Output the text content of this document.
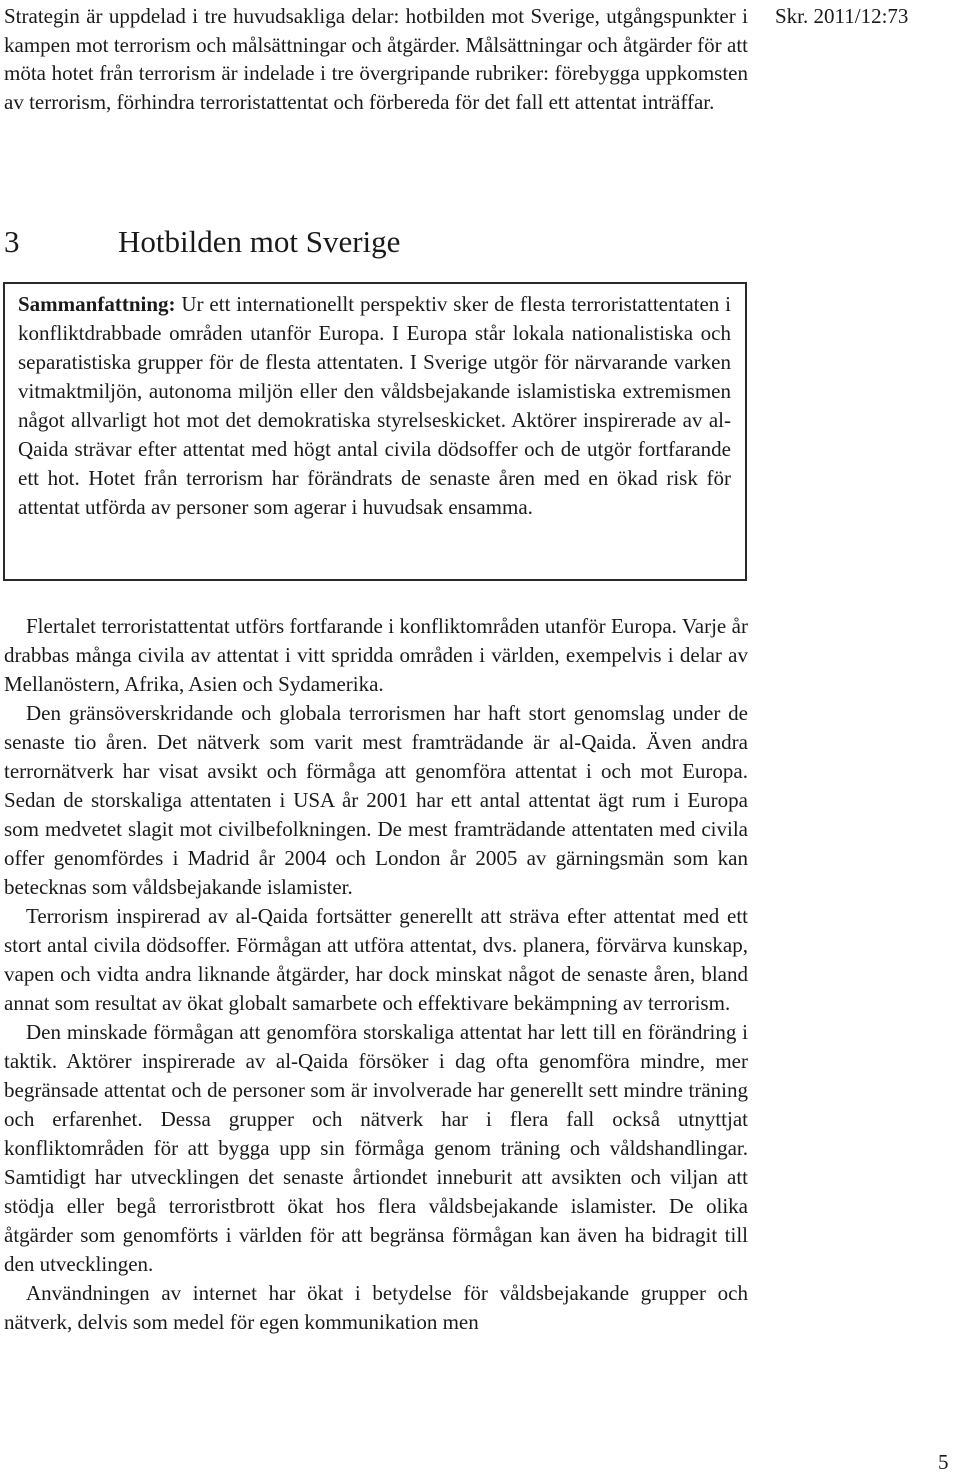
Strategin är uppdelad i tre huvudsakliga delar: hotbilden mot Sverige, utgångspunkter i kampen mot terrorism och målsättningar och åtgärder. Målsättningar och åtgärder för att möta hotet från terrorism är indelade i tre övergripande rubriker: förebygga uppkomsten av terrorism, förhindra terroristattentat och förbereda för det fall ett attentat inträffar.

Skr. 2011/12:73
3	Hotbilden mot Sverige

Sammanfattning: Ur ett internationellt perspektiv sker de flesta terroristattentaten i konfliktdrabbade områden utanför Europa. I Europa står lokala nationalistiska och separatistiska grupper för de flesta attentaten. I Sverige utgör för närvarande varken vitmaktmiljön, autonoma miljön eller den våldsbejakande islamistiska extremismen något allvarligt hot mot det demokratiska styrelseskicket. Aktörer inspirerade av al-Qaida strävar efter attentat med högt antal civila dödsoffer och de utgör fortfarande ett hot. Hotet från terrorism har förändrats de senaste åren med en ökad risk för attentat utförda av personer som agerar i huvudsak ensamma.

Flertalet terroristattentat utförs fortfarande i konfliktområden utanför Europa. Varje år drabbas många civila av attentat i vitt spridda områden i världen, exempelvis i delar av Mellanöstern, Afrika, Asien och Sydamerika.

Den gränsöverskridande och globala terrorismen har haft stort genomslag under de senaste tio åren. Det nätverk som varit mest framträdande är al-Qaida. Även andra terrornätverk har visat avsikt och förmåga att genomföra attentat i och mot Europa. Sedan de storskaliga attentaten i USA år 2001 har ett antal attentat ägt rum i Europa som medvetet slagit mot civilbefolkningen. De mest framträdande attentaten med civila offer genomfördes i Madrid år 2004 och London år 2005 av gärningsmän som kan betecknas som våldsbejakande islamister.

Terrorism inspirerad av al-Qaida fortsätter generellt att sträva efter attentat med ett stort antal civila dödsoffer. Förmågan att utföra attentat, dvs. planera, förvärva kunskap, vapen och vidta andra liknande åtgärder, har dock minskat något de senaste åren, bland annat som resultat av ökat globalt samarbete och effektivare bekämpning av terrorism.

Den minskade förmågan att genomföra storskaliga attentat har lett till en förändring i taktik. Aktörer inspirerade av al-Qaida försöker i dag ofta genomföra mindre, mer begränsade attentat och de personer som är involverade har generellt sett mindre träning och erfarenhet. Dessa grupper och nätverk har i flera fall också utnyttjat konfliktområden för att bygga upp sin förmåga genom träning och våldshandlingar. Samtidigt har utvecklingen det senaste årtiondet inneburit att avsikten och viljan att stödja eller begå terroristbrott ökat hos flera våldsbejakande islamister. De olika åtgärder som genomförts i världen för att begränsa förmågan kan även ha bidragit till den utvecklingen.

Användningen av internet har ökat i betydelse för våldsbejakande grupper och nätverk, delvis som medel för egen kommunikation men

5
